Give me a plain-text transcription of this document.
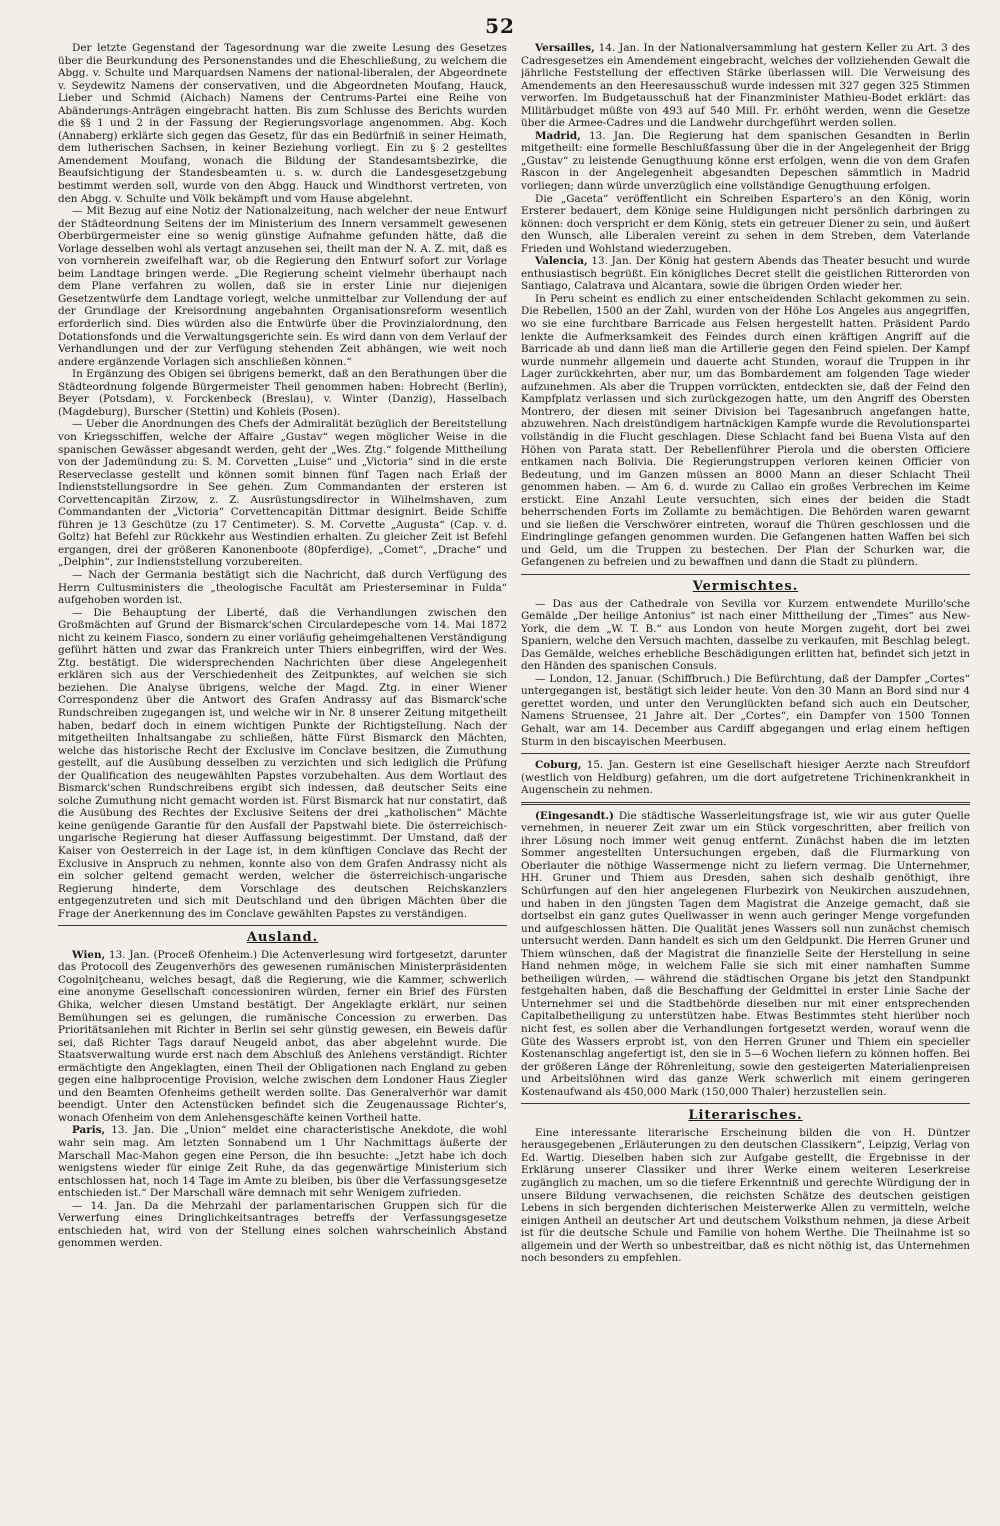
52

Der letzte Gegenstand der Tagesordnung war die zweite Lesung des Gesetzes über die Beurkundung des Personenstandes und die Eheschließung, zu welchem die Abgg. v. Schulte und Marquardsen Namens der national-liberalen, der Abgeordnete v. Seydewitz Namens der conservativen, und die Abgeordneten Moufang, Hauck, Lieber und Schmid (Aichach) Namens der Centrums-Partei eine Reihe von Abänderungs-Anträgen eingebracht hatten. Bis zum Schlusse des Berichts wurden die §§ 1 und 2 in der Fassung der Regierungsvorlage angenommen. Abg. Koch (Annaberg) erklärte sich gegen das Gesetz, für das ein Bedürfniß in seiner Heimath, dem lutherischen Sachsen, in keiner Beziehung vorliegt. Ein zu § 2 gestelltes Amendement Moufang, wonach die Bildung der Standesamtsbezirke, die Beaufsichtigung der Standesbeamten u. s. w. durch die Landesgesetzgebung bestimmt werden soll, wurde von den Abgg. Hauck und Windthorst vertreten, von den Abgg. v. Schulte und Völk bekämpft und vom Hause abgelehnt.

— Mit Bezug auf eine Notiz der Nationalzeitung, nach welcher der neue Entwurf der Städteordnung Seitens der im Ministerium des Innern versammelt gewesenen Oberbürgermeister eine so wenig günstige Aufnahme gefunden hätte, daß die Vorlage desselben wohl als vertagt anzusehen sei, theilt man der N. A. Z. mit, daß es von vornherein zweifelhaft war, ob die Regierung den Entwurf sofort zur Vorlage beim Landtage bringen werde. „Die Regierung scheint vielmehr überhaupt nach dem Plane verfahren zu wollen, daß sie in erster Linie nur diejenigen Gesetzentwürfe dem Landtage vorlegt, welche unmittelbar zur Vollendung der auf der Grundlage der Kreisordnung angebahnten Organisationsreform wesentlich erforderlich sind. Dies würden also die Entwürfe über die Provinzialordnung, den Dotationsfonds und die Verwaltungsgerichte sein. Es wird dann von dem Verlauf der Verhandlungen und der zur Verfügung stehenden Zeit abhängen, wie weit noch andere ergänzende Vorlagen sich anschließen können.“

In Ergänzung des Obigen sei übrigens bemerkt, daß an den Berathungen über die Städteordnung folgende Bürgermeister Theil genommen haben: Hobrecht (Berlin), Beyer (Potsdam), v. Forckenbeck (Breslau), v. Winter (Danzig), Hasselbach (Magdeburg), Burscher (Stettin) und Kohleis (Posen).

— Ueber die Anordnungen des Chefs der Admiralität bezüglich der Bereitstellung von Kriegsschiffen, welche der Affaire „Gustav“ wegen möglicher Weise in die spanischen Gewässer abgesandt werden, geht der „Wes. Ztg.“ folgende Mittheilung von der Jademündung zu: S. M. Corvetten „Luise“ und „Victoria“ sind in die erste Reserveclasse gestellt und können somit binnen fünf Tagen nach Erlaß der Indienststellungsordre in See gehen. Zum Commandanten der ersteren ist Corvettencapitän Zirzow, z. Z. Ausrüstungsdirector in Wilhelmshaven, zum Commandanten der „Victoria“ Corvettencapitän Dittmar designirt. Beide Schiffe führen je 13 Geschütze (zu 17 Centimeter). S. M. Corvette „Augusta“ (Cap. v. d. Goltz) hat Befehl zur Rückkehr aus Westindien erhalten. Zu gleicher Zeit ist Befehl ergangen, drei der größeren Kanonenboote (80pferdige), „Comet“, „Drache“ und „Delphin“, zur Indienststellung vorzubereiten.

— Nach der Germania bestätigt sich die Nachricht, daß durch Verfügung des Herrn Cultusministers die „theologische Facultät am Priesterseminar in Fulda“ aufgehoben worden ist.

— Die Behauptung der Liberté, daß die Verhandlungen zwischen den Großmächten auf Grund der Bismarck'schen Circulardepesche vom 14. Mai 1872 nicht zu keinem Fiasco, sondern zu einer vorläufig geheimgehaltenen Verständigung geführt hätten und zwar das Frankreich unter Thiers einbegriffen, wird der Wes. Ztg. bestätigt. Die widersprechenden Nachrichten über diese Angelegenheit erklären sich aus der Verschiedenheit des Zeitpunktes, auf welchen sie sich beziehen. Die Analyse übrigens, welche der Magd. Ztg. in einer Wiener Correspondenz über die Antwort des Grafen Andrassy auf das Bismarck'sche Rundschreiben zugegangen ist, und welche wir in Nr. 8 unserer Zeitung mitgetheilt haben, bedarf doch in einem wichtigen Punkte der Richtigstellung. Nach der mitgetheilten Inhaltsangabe zu schließen, hätte Fürst Bismarck den Mächten, welche das historische Recht der Exclusive im Conclave besitzen, die Zumuthung gestellt, auf die Ausübung desselben zu verzichten und sich lediglich die Prüfung der Qualification des neugewählten Papstes vorzubehalten. Aus dem Wortlaut des Bismarck'schen Rundschreibens ergibt sich indessen, daß deutscher Seits eine solche Zumuthung nicht gemacht worden ist. Fürst Bismarck hat nur constatirt, daß die Ausübung des Rechtes der Exclusive Seitens der drei „katholischen“ Mächte keine genügende Garantie für den Ausfall der Papstwahl biete. Die österreichisch-ungarische Regierung hat dieser Auffassung beigestimmt. Der Umstand, daß der Kaiser von Oesterreich in der Lage ist, in dem künftigen Conclave das Recht der Exclusive in Anspruch zu nehmen, konnte also von dem Grafen Andrassy nicht als ein solcher geltend gemacht werden, welcher die österreichisch-ungarische Regierung hinderte, dem Vorschlage des deutschen Reichskanzlers entgegenzutreten und sich mit Deutschland und den übrigen Mächten über die Frage der Anerkennung des im Conclave gewählten Papstes zu verständigen.

Ausland.

Wien, 13. Jan. (Proceß Ofenheim.) Die Actenverlesung wird fortgesetzt, darunter das Protocoll des Zeugenverhörs des gewesenen rumänischen Ministerpräsidenten Cogolniţcheanu, welches besagt, daß die Regierung, wie die Kammer, schwerlich eine anonyme Gesellschaft concessioniren würden, ferner ein Brief des Fürsten Ghika, welcher diesen Umstand bestätigt. Der Angeklagte erklärt, nur seinen Bemühungen sei es gelungen, die rumänische Concession zu erwerben. Das Prioritätsanlehen mit Richter in Berlin sei sehr günstig gewesen, ein Beweis dafür sei, daß Richter Tags darauf Neugeld anbot, das aber abgelehnt wurde. Die Staatsverwaltung wurde erst nach dem Abschluß des Anlehens verständigt. Richter ermächtigte den Angeklagten, einen Theil der Obligationen nach England zu geben gegen eine halbprocentige Provision, welche zwischen dem Londoner Haus Ziegler und den Beamten Ofenheims getheilt werden sollte. Das Generalverhör war damit beendigt. Unter den Actenstücken befindet sich die Zeugenaussage Richter's, wonach Ofenheim von dem Anlehensgeschäfte keinen Vortheil hatte.

Paris, 13. Jan. Die „Union“ meldet eine characteristische Anekdote, die wohl wahr sein mag. Am letzten Sonnabend um 1 Uhr Nachmittags äußerte der Marschall Mac-Mahon gegen eine Person, die ihn besuchte: „Jetzt habe ich doch wenigstens wieder für einige Zeit Ruhe, da das gegenwärtige Ministerium sich entschlossen hat, noch 14 Tage im Amte zu bleiben, bis über die Verfassungsgesetze entschieden ist.“ Der Marschall wäre demnach mit sehr Wenigem zufrieden.

— 14. Jan. Da die Mehrzahl der parlamentarischen Gruppen sich für die Verwerfung eines Dringlichkeitsantrages betreffs der Verfassungsgesetze entschieden hat, wird von der Stellung eines solchen wahrscheinlich Abstand genommen werden.

Versailles, 14. Jan. In der Nationalversammlung hat gestern Keller zu Art. 3 des Cadresgesetzes ein Amendement eingebracht, welches der vollziehenden Gewalt die jährliche Feststellung der effectiven Stärke überlassen will. Die Verweisung des Amendements an den Heeresausschuß wurde indessen mit 327 gegen 325 Stimmen verworfen. Im Budgetausschuß hat der Finanzminister Mathieu-Bodet erklärt: das Militärbudget müßte von 493 auf 540 Mill. Fr. erhöht werden, wenn die Gesetze über die Armee-Cadres und die Landwehr durchgeführt werden sollen.

Madrid, 13. Jan. Die Regierung hat dem spanischen Gesandten in Berlin mitgetheilt: eine formelle Beschlußfassung über die in der Angelegenheit der Brigg „Gustav“ zu leistende Genugthuung könne erst erfolgen, wenn die von dem Grafen Rascon in der Angelegenheit abgesandten Depeschen sämmtlich in Madrid vorliegen; dann würde unverzüglich eine vollständige Genugthuung erfolgen.

Die „Gaceta“ veröffentlicht ein Schreiben Espartero's an den König, worin Ersterer bedauert, dem Könige seine Huldigungen nicht persönlich darbringen zu können: doch verspricht er dem König, stets ein getreuer Diener zu sein, und äußert den Wunsch, alle Liberalen vereint zu sehen in dem Streben, dem Vaterlande Frieden und Wohlstand wiederzugeben.

Valencia, 13. Jan. Der König hat gestern Abends das Theater besucht und wurde enthusiastisch begrüßt. Ein königliches Decret stellt die geistlichen Ritterorden von Santiago, Calatrava und Alcantara, sowie die übrigen Orden wieder her.

In Peru scheint es endlich zu einer entscheidenden Schlacht gekommen zu sein. Die Rebellen, 1500 an der Zahl, wurden von der Höhe Los Angeles aus angegriffen, wo sie eine furchtbare Barricade aus Felsen hergestellt hatten. Präsident Pardo lenkte die Aufmerksamkeit des Feindes durch einen kräftigen Angriff auf die Barricade ab und dann ließ man die Artillerie gegen den Feind spielen. Der Kampf wurde nunmehr allgemein und dauerte acht Stunden, worauf die Truppen in ihr Lager zurückkehrten, aber nur, um das Bombardement am folgenden Tage wieder aufzunehmen. Als aber die Truppen vorrückten, entdeckten sie, daß der Feind den Kampfplatz verlassen und sich zurückgezogen hatte, um den Angriff des Obersten Montrero, der diesen mit seiner Division bei Tagesanbruch angefangen hatte, abzuwehren. Nach dreistündigem hartnäckigen Kampfe wurde die Revolutionspartei vollständig in die Flucht geschlagen. Diese Schlacht fand bei Buena Vista auf den Höhen von Parata statt. Der Rebellenführer Pierola und die obersten Officiere entkamen nach Bolivia. Die Regierungstruppen verloren keinen Officier von Bedeutung, und im Ganzen müssen an 8000 Mann an dieser Schlacht Theil genommen haben. — Am 6. d. wurde zu Callao ein großes Verbrechen im Keime erstickt. Eine Anzahl Leute versuchten, sich eines der beiden die Stadt beherrschenden Forts im Zollamte zu bemächtigen. Die Behörden waren gewarnt und sie ließen die Verschwörer eintreten, worauf die Thüren geschlossen und die Eindringlinge gefangen genommen wurden. Die Gefangenen hatten Waffen bei sich und Geld, um die Truppen zu bestechen. Der Plan der Schurken war, die Gefangenen zu befreien und zu bewaffnen und dann die Stadt zu plündern.

Vermischtes.

— Das aus der Cathedrale von Sevilla vor Kurzem entwendete Murillo'sche Gemälde „Der heilige Antonius“ ist nach einer Mittheilung der „Times“ aus New-York, die dem „W. T. B.“ aus London von heute Morgen zugeht, dort bei zwei Spaniern, welche den Versuch machten, dasselbe zu verkaufen, mit Beschlag belegt. Das Gemälde, welches erhebliche Beschädigungen erlitten hat, befindet sich jetzt in den Händen des spanischen Consuls.

— London, 12. Januar. (Schiffbruch.) Die Befürchtung, daß der Dampfer „Cortes“ untergegangen ist, bestätigt sich leider heute. Von den 30 Mann an Bord sind nur 4 gerettet worden, und unter den Verunglückten befand sich auch ein Deutscher, Namens Struensee, 21 Jahre alt. Der „Cortes“, ein Dampfer von 1500 Tonnen Gehalt, war am 14. December aus Cardiff abgegangen und erlag einem heftigen Sturm in den biscayischen Meerbusen.

Coburg, 15. Jan. Gestern ist eine Gesellschaft hiesiger Aerzte nach Streufdorf (westlich von Heldburg) gefahren, um die dort aufgetretene Trichinenkrankheit in Augenschein zu nehmen.

(Eingesandt.) Die städtische Wasserleitungsfrage ist, wie wir aus guter Quelle vernehmen, in neuerer Zeit zwar um ein Stück vorgeschritten, aber freilich von ihrer Lösung noch immer weit genug entfernt. Zunächst haben die im letzten Sommer angestellten Untersuchungen ergeben, daß die Flurmarkung von Oberlauter die nöthige Wassermenge nicht zu liefern vermag. Die Unternehmer, HH. Gruner und Thiem aus Dresden, sahen sich deshalb genöthigt, ihre Schürfungen auf den hier angelegenen Flurbezirk von Neukirchen auszudehnen, und haben in den jüngsten Tagen dem Magistrat die Anzeige gemacht, daß sie dortselbst ein ganz gutes Quellwasser in wenn auch geringer Menge vorgefunden und aufgeschlossen hätten. Die Qualität jenes Wassers soll nun zunächst chemisch untersucht werden. Dann handelt es sich um den Geldpunkt. Die Herren Gruner und Thiem wünschen, daß der Magistrat die finanzielle Seite der Herstellung in seine Hand nehmen möge, in welchem Falle sie sich mit einer namhaften Summe betheiligen würden, — während die städtischen Organe bis jetzt den Standpunkt festgehalten haben, daß die Beschaffung der Geldmittel in erster Linie Sache der Unternehmer sei und die Stadtbehörde dieselben nur mit einer entsprechenden Capitalbetheiligung zu unterstützen habe. Etwas Bestimmtes steht hierüber noch nicht fest, es sollen aber die Verhandlungen fortgesetzt werden, worauf wenn die Güte des Wassers erprobt ist, von den Herren Gruner und Thiem ein specieller Kostenanschlag angefertigt ist, den sie in 5—6 Wochen liefern zu können hoffen. Bei der größeren Länge der Röhrenleitung, sowie den gesteigerten Materialienpreisen und Arbeitslöhnen wird das ganze Werk schwerlich mit einem geringeren Kostenaufwand als 450,000 Mark (150,000 Thaler) herzustellen sein.

Literarisches.

Eine interessante literarische Erscheinung bilden die von H. Düntzer herausgegebenen „Erläuterungen zu den deutschen Classikern“, Leipzig, Verlag von Ed. Wartig. Dieselben haben sich zur Aufgabe gestellt, die Ergebnisse in der Erklärung unserer Classiker und ihrer Werke einem weiteren Leserkreise zugänglich zu machen, um so die tiefere Erkenntniß und gerechte Würdigung der in unsere Bildung verwachsenen, die reichsten Schätze des deutschen geistigen Lebens in sich bergenden dichterischen Meisterwerke Allen zu vermitteln, welche einigen Antheil an deutscher Art und deutschem Volksthum nehmen, ja diese Arbeit ist für die deutsche Schule und Familie von hohem Werthe. Die Theilnahme ist so allgemein und der Werth so unbestreitbar, daß es nicht nöthig ist, das Unternehmen noch besonders zu empfehlen.
